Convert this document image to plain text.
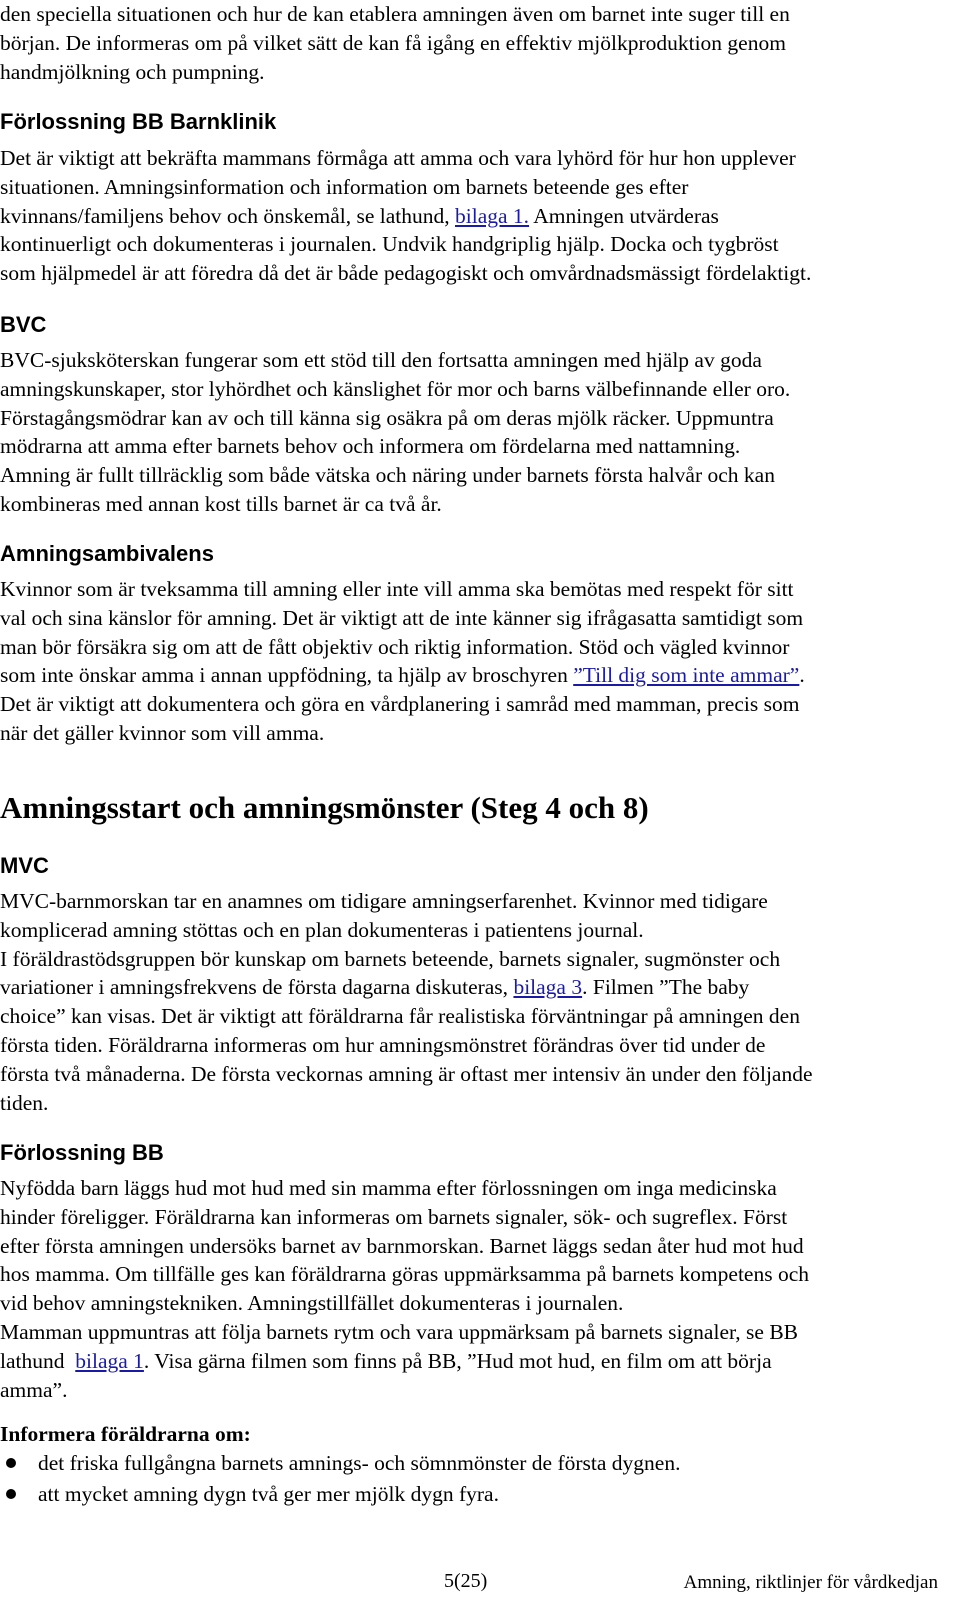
den speciella situationen och hur de kan etablera amningen även om barnet inte suger till en
början. De informeras om på vilket sätt de kan få igång en effektiv mjölkproduktion genom
handmjölkning och pumpning.

Förlossning BB Barnklinik

Det är viktigt att bekräfta mammans förmåga att amma och vara lyhörd för hur hon upplever
situationen. Amningsinformation och information om barnets beteende ges efter
kvinnans/familjens behov och önskemål, se lathund, bilaga 1. Amningen utvärderas
kontinuerligt och dokumenteras i journalen. Undvik handgriplig hjälp. Docka och tygbröst
som hjälpmedel är att föredra då det är både pedagogiskt och omvårdnadsmässigt fördelaktigt.

BVC

BVC-sjuksköterskan fungerar som ett stöd till den fortsatta amningen med hjälp av goda
amningskunskaper, stor lyhördhet och känslighet för mor och barns välbefinnande eller oro.
Förstagångsmödrar kan av och till känna sig osäkra på om deras mjölk räcker. Uppmuntra
mödrarna att amma efter barnets behov och informera om fördelarna med nattamning.
Amning är fullt tillräcklig som både vätska och näring under barnets första halvår och kan
kombineras med annan kost tills barnet är ca två år.

Amningsambivalens

Kvinnor som är tveksamma till amning eller inte vill amma ska bemötas med respekt för sitt
val och sina känslor för amning. Det är viktigt att de inte känner sig ifrågasatta samtidigt som
man bör försäkra sig om att de fått objektiv och riktig information. Stöd och vägled kvinnor
som inte önskar amma i annan uppfödning, ta hjälp av broschyren ”Till dig som inte ammar”.
Det är viktigt att dokumentera och göra en vårdplanering i samråd med mamman, precis som
när det gäller kvinnor som vill amma.

Amningsstart och amningsmönster (Steg 4 och 8)
MVC

MVC-barnmorskan tar en anamnes om tidigare amningserfarenhet. Kvinnor med tidigare
komplicerad amning stöttas och en plan dokumenteras i patientens journal.
I föräldrastödsgruppen bör kunskap om barnets beteende, barnets signaler, sugmönster och
variationer i amningsfrekvens de första dagarna diskuteras, bilaga 3. Filmen ”The baby
choice” kan visas. Det är viktigt att föräldrarna får realistiska förväntningar på amningen den
första tiden. Föräldrarna informeras om hur amningsmönstret förändras över tid under de
första två månaderna. De första veckornas amning är oftast mer intensiv än under den följande
tiden.

Förlossning BB

Nyfödda barn läggs hud mot hud med sin mamma efter förlossningen om inga medicinska
hinder föreligger. Föräldrarna kan informeras om barnets signaler, sök- och sugreflex. Först
efter första amningen undersöks barnet av barnmorskan. Barnet läggs sedan åter hud mot hud
hos mamma. Om tillfälle ges kan föräldrarna göras uppmärksamma på barnets kompetens och
vid behov amningstekniken. Amningstillfället dokumenteras i journalen.
Mamman uppmuntras att följa barnets rytm och vara uppmärksam på barnets signaler, se BB
lathund  bilaga 1. Visa gärna filmen som finns på BB, ”Hud mot hud, en film om att börja
amma”.

Informera föräldrarna om:
det friska fullgångna barnets amnings- och sömnmönster de första dygnen.
att mycket amning dygn två ger mer mjölk dygn fyra.
5(25)	Amning, riktlinjer för vårdkedjan
